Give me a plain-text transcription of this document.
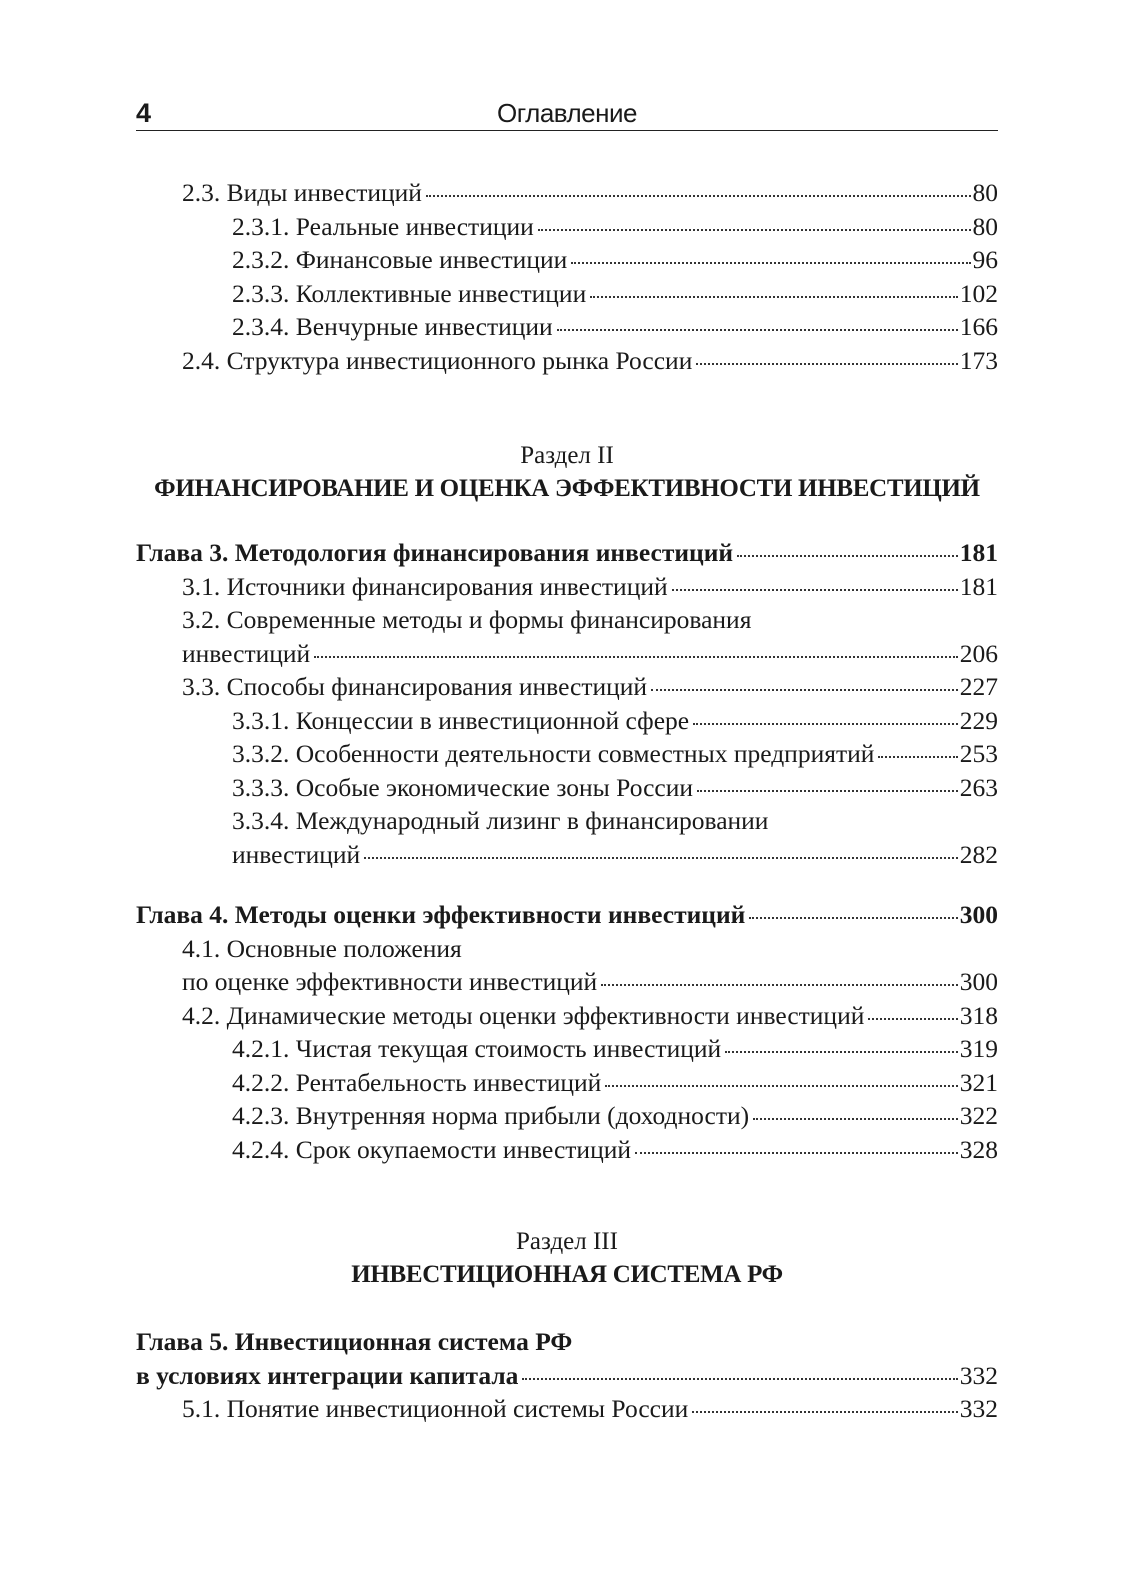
4	Оглавление
2.3. Виды инвестиций	80
2.3.1. Реальные инвестиции	80
2.3.2. Финансовые инвестиции	96
2.3.3. Коллективные инвестиции	102
2.3.4. Венчурные инвестиции	166
2.4. Структура инвестиционного рынка России	173
Раздел II
ФИНАНСИРОВАНИЕ И ОЦЕНКА ЭФФЕКТИВНОСТИ ИНВЕСТИЦИЙ
Глава 3. Методология финансирования инвестиций	181
3.1. Источники финансирования инвестиций	181
3.2. Современные методы и формы финансирования
инвестиций	206
3.3. Способы финансирования инвестиций	227
3.3.1. Концессии в инвестиционной сфере	229
3.3.2. Особенности деятельности совместных предприятий	253
3.3.3. Особые экономические зоны России	263
3.3.4. Международный лизинг в финансировании
инвестиций	282
Глава 4. Методы оценки эффективности инвестиций	300
4.1. Основные положения
по оценке эффективности инвестиций	300
4.2. Динамические методы оценки эффективности инвестиций	318
4.2.1. Чистая текущая стоимость инвестиций	319
4.2.2. Рентабельность инвестиций	321
4.2.3. Внутренняя норма прибыли (доходности)	322
4.2.4. Срок окупаемости инвестиций	328
Раздел III
ИНВЕСТИЦИОННАЯ СИСТЕМА РФ
Глава 5. Инвестиционная система РФ
в условиях интеграции капитала	332
5.1. Понятие инвестиционной системы России	332
